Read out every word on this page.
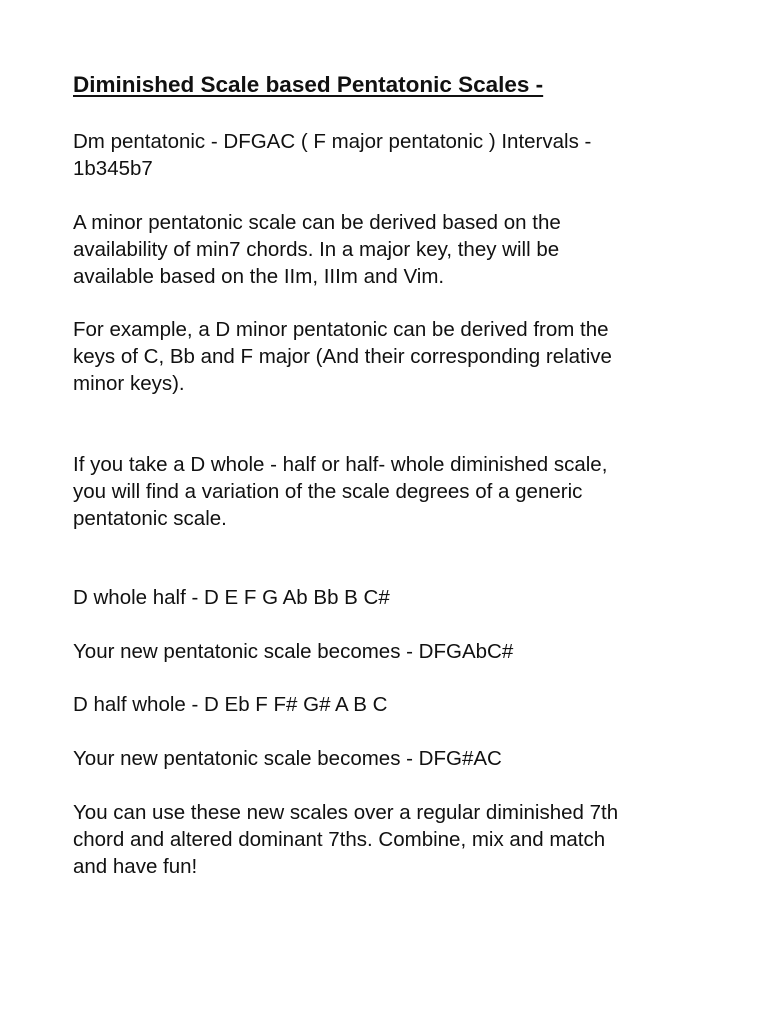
Diminished Scale based Pentatonic Scales -

Dm pentatonic - DFGAC ( F major pentatonic ) Intervals -
1b345b7

A minor pentatonic scale can be derived based on the
availability of min7 chords. In a major key, they will be
available based on the IIm, IIIm and Vim.

For example, a D minor pentatonic can be derived from the
keys of C, Bb and F major (And their corresponding relative
minor keys).

If you take a D whole - half or half- whole diminished scale,
you will find a variation of the scale degrees of a generic
pentatonic scale.

D whole half - D E F G Ab Bb B C#

Your new pentatonic scale becomes - DFGAbC#

D half whole - D Eb F F# G# A B C

Your new pentatonic scale becomes - DFG#AC

You can use these new scales over a regular diminished 7th
chord and altered dominant 7ths. Combine, mix and match
and have fun!
